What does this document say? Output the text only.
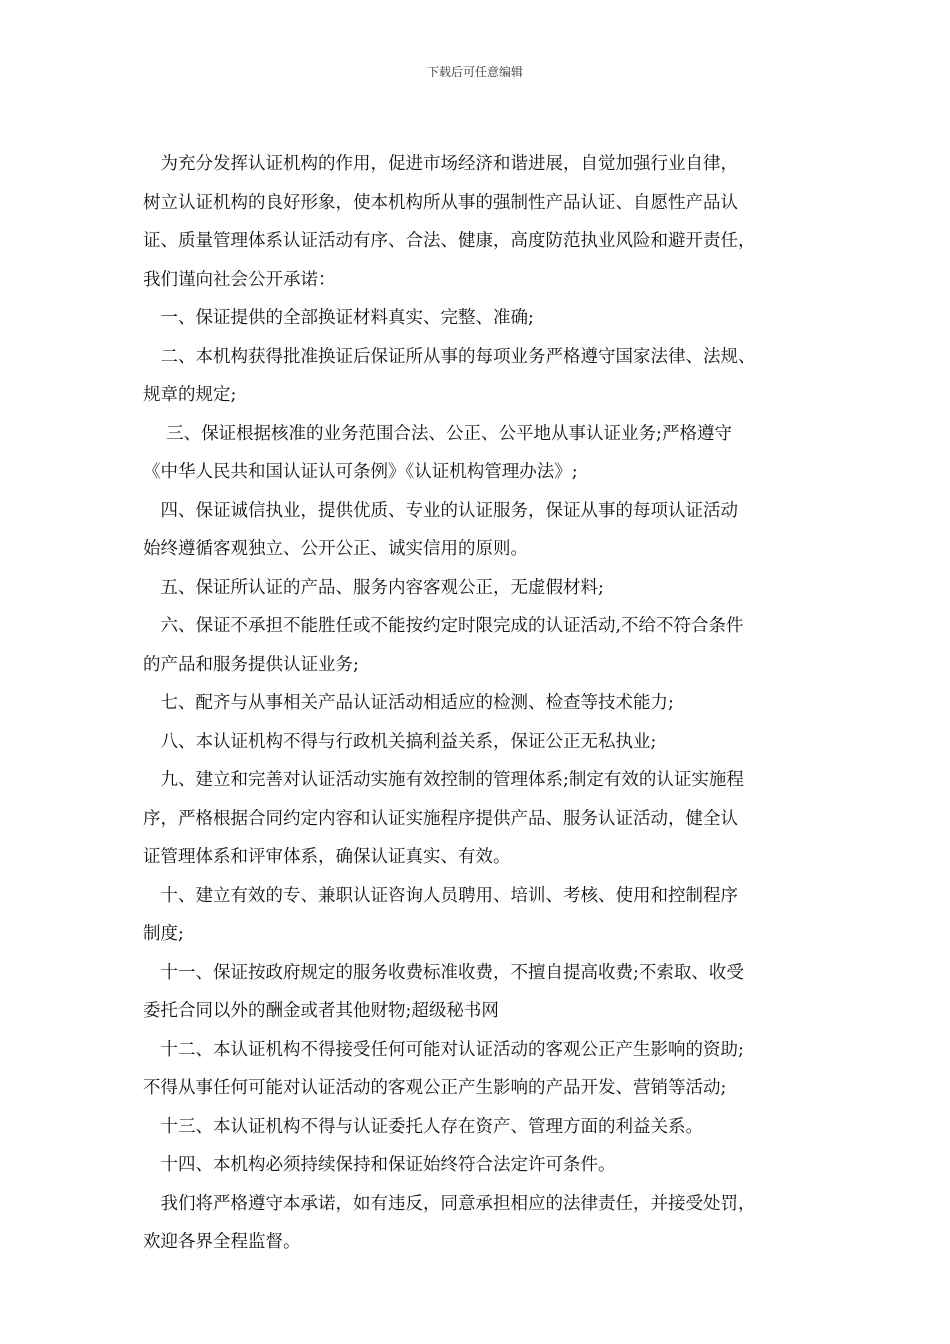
下载后可任意编辑
　为充分发挥认证机构的作用，促进市场经济和谐进展，自觉加强行业自律，
树立认证机构的良好形象，使本机构所从事的强制性产品认证、自愿性产品认
证、质量管理体系认证活动有序、合法、健康，高度防范执业风险和避开责任，
我们谨向社会公开承诺：
　一、保证提供的全部换证材料真实、完整、准确;
　二、本机构获得批准换证后保证所从事的每项业务严格遵守国家法律、法规、
规章的规定;
　 三、保证根据核准的业务范围合法、公正、公平地从事认证业务;严格遵守
《中华人民共和国认证认可条例》《认证机构管理办法》;
　四、保证诚信执业，提供优质、专业的认证服务，保证从事的每项认证活动
始终遵循客观独立、公开公正、诚实信用的原则。
　五、保证所认证的产品、服务内容客观公正，无虚假材料;
　六、保证不承担不能胜任或不能按约定时限完成的认证活动,不给不符合条件
的产品和服务提供认证业务;
　七、配齐与从事相关产品认证活动相适应的检测、检查等技术能力;
　八、本认证机构不得与行政机关搞利益关系，保证公正无私执业;
　九、建立和完善对认证活动实施有效控制的管理体系;制定有效的认证实施程
序，严格根据合同约定内容和认证实施程序提供产品、服务认证活动，健全认
证管理体系和评审体系，确保认证真实、有效。
　十、建立有效的专、兼职认证咨询人员聘用、培训、考核、使用和控制程序
制度;
　十一、保证按政府规定的服务收费标准收费，不擅自提高收费;不索取、收受
委托合同以外的酬金或者其他财物;超级秘书网
　十二、本认证机构不得接受任何可能对认证活动的客观公正产生影响的资助;
不得从事任何可能对认证活动的客观公正产生影响的产品开发、营销等活动;
　十三、本认证机构不得与认证委托人存在资产、管理方面的利益关系。
　十四、本机构必须持续保持和保证始终符合法定许可条件。
　我们将严格遵守本承诺，如有违反，同意承担相应的法律责任，并接受处罚，
欢迎各界全程监督。
